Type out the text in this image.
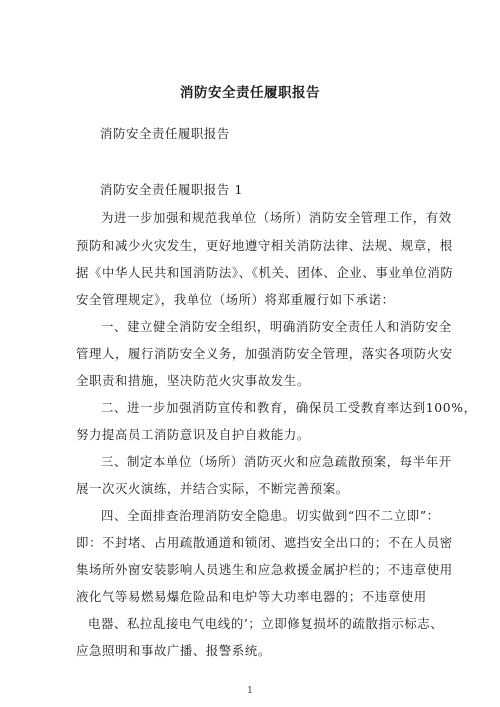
消防安全责任履职报告
消防安全责任履职报告
消防安全责任履职报告 1
为进一步加强和规范我单位（场所）消防安全管理工作，有效
预防和减少火灾发生，更好地遵守相关消防法律、法规、规章，根
据《中华人民共和国消防法》、《机关、团体、企业、事业单位消防
安全管理规定》，我单位（场所）将郑重履行如下承诺：
一、建立健全消防安全组织，明确消防安全责任人和消防安全
管理人，履行消防安全义务，加强消防安全管理，落实各项防火安
全职责和措施，坚决防范火灾事故发生。
二、进一步加强消防宣传和教育，确保员工受教育率达到100%，
努力提高员工消防意识及自护自救能力。
三、制定本单位（场所）消防灭火和应急疏散预案，每半年开
展一次灭火演练，并结合实际，不断完善预案。
四、全面排查治理消防安全隐患。切实做到“四不二立即”：
即：不封堵、占用疏散通道和锁闭、遮挡安全出口的；不在人员密
集场所外窗安装影响人员逃生和应急救援金属护栏的；不违章使用
液化气等易燃易爆危险品和电炉等大功率电器的；不违章使用
电器、私拉乱接电气电线的’；立即修复损坏的疏散指示标志、
应急照明和事故广播、报警系统。
1
